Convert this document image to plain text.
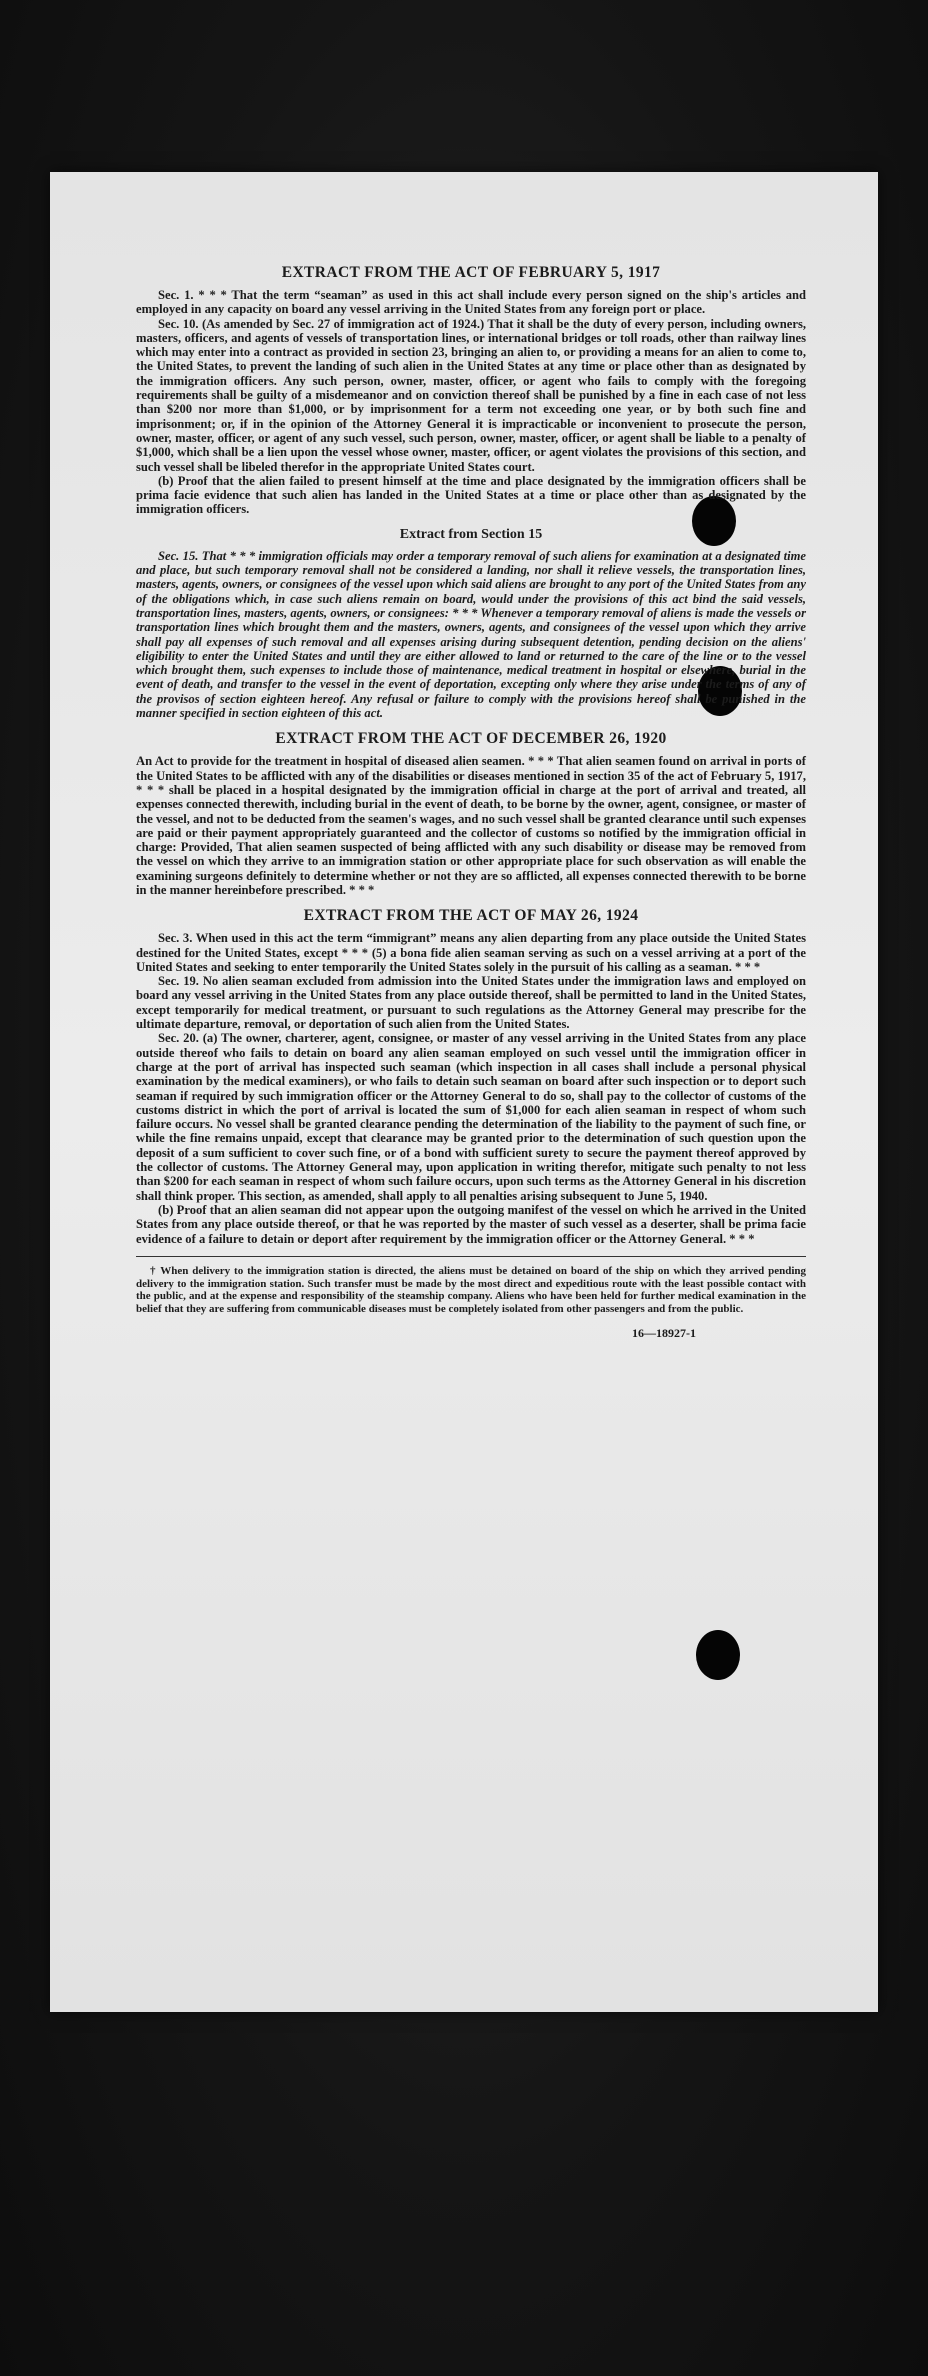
EXTRACT FROM THE ACT OF FEBRUARY 5, 1917

Sec. 1. * * * That the term “seaman” as used in this act shall include every person signed on the ship's articles and employed in any capacity on board any vessel arriving in the United States from any foreign port or place.

Sec. 10. (As amended by Sec. 27 of immigration act of 1924.) That it shall be the duty of every person, including owners, masters, officers, and agents of vessels of transportation lines, or international bridges or toll roads, other than railway lines which may enter into a contract as provided in section 23, bringing an alien to, or providing a means for an alien to come to, the United States, to prevent the landing of such alien in the United States at any time or place other than as designated by the immigration officers. Any such person, owner, master, officer, or agent who fails to comply with the foregoing requirements shall be guilty of a misdemeanor and on conviction thereof shall be punished by a fine in each case of not less than $200 nor more than $1,000, or by imprisonment for a term not exceeding one year, or by both such fine and imprisonment; or, if in the opinion of the Attorney General it is impracticable or inconvenient to prosecute the person, owner, master, officer, or agent of any such vessel, such person, owner, master, officer, or agent shall be liable to a penalty of $1,000, which shall be a lien upon the vessel whose owner, master, officer, or agent violates the provisions of this section, and such vessel shall be libeled therefor in the appropriate United States court.

(b) Proof that the alien failed to present himself at the time and place designated by the immigration officers shall be prima facie evidence that such alien has landed in the United States at a time or place other than as designated by the immigration officers.

Extract from Section 15

Sec. 15. That * * * immigration officials may order a temporary removal of such aliens for examination at a designated time and place, but such temporary removal shall not be considered a landing, nor shall it relieve vessels, the transportation lines, masters, agents, owners, or consignees of the vessel upon which said aliens are brought to any port of the United States from any of the obligations which, in case such aliens remain on board, would under the provisions of this act bind the said vessels, transportation lines, masters, agents, owners, or consignees: * * * Whenever a temporary removal of aliens is made the vessels or transportation lines which brought them and the masters, owners, agents, and consignees of the vessel upon which they arrive shall pay all expenses of such removal and all expenses arising during subsequent detention, pending decision on the aliens' eligibility to enter the United States and until they are either allowed to land or returned to the care of the line or to the vessel which brought them, such expenses to include those of maintenance, medical treatment in hospital or elsewhere, burial in the event of death, and transfer to the vessel in the event of deportation, excepting only where they arise under the terms of any of the provisos of section eighteen hereof. Any refusal or failure to comply with the provisions hereof shall be punished in the manner specified in section eighteen of this act.

EXTRACT FROM THE ACT OF DECEMBER 26, 1920

An Act to provide for the treatment in hospital of diseased alien seamen. * * * That alien seamen found on arrival in ports of the United States to be afflicted with any of the disabilities or diseases mentioned in section 35 of the act of February 5, 1917, * * * shall be placed in a hospital designated by the immigration official in charge at the port of arrival and treated, all expenses connected therewith, including burial in the event of death, to be borne by the owner, agent, consignee, or master of the vessel, and not to be deducted from the seamen's wages, and no such vessel shall be granted clearance until such expenses are paid or their payment appropriately guaranteed and the collector of customs so notified by the immigration official in charge: Provided, That alien seamen suspected of being afflicted with any such disability or disease may be removed from the vessel on which they arrive to an immigration station or other appropriate place for such observation as will enable the examining surgeons definitely to determine whether or not they are so afflicted, all expenses connected therewith to be borne in the manner hereinbefore prescribed. * * *

EXTRACT FROM THE ACT OF MAY 26, 1924

Sec. 3. When used in this act the term “immigrant” means any alien departing from any place outside the United States destined for the United States, except * * * (5) a bona fide alien seaman serving as such on a vessel arriving at a port of the United States and seeking to enter temporarily the United States solely in the pursuit of his calling as a seaman. * * *

Sec. 19. No alien seaman excluded from admission into the United States under the immigration laws and employed on board any vessel arriving in the United States from any place outside thereof, shall be permitted to land in the United States, except temporarily for medical treatment, or pursuant to such regulations as the Attorney General may prescribe for the ultimate departure, removal, or deportation of such alien from the United States.

Sec. 20. (a) The owner, charterer, agent, consignee, or master of any vessel arriving in the United States from any place outside thereof who fails to detain on board any alien seaman employed on such vessel until the immigration officer in charge at the port of arrival has inspected such seaman (which inspection in all cases shall include a personal physical examination by the medical examiners), or who fails to detain such seaman on board after such inspection or to deport such seaman if required by such immigration officer or the Attorney General to do so, shall pay to the collector of customs of the customs district in which the port of arrival is located the sum of $1,000 for each alien seaman in respect of whom such failure occurs. No vessel shall be granted clearance pending the determination of the liability to the payment of such fine, or while the fine remains unpaid, except that clearance may be granted prior to the determination of such question upon the deposit of a sum sufficient to cover such fine, or of a bond with sufficient surety to secure the payment thereof approved by the collector of customs. The Attorney General may, upon application in writing therefor, mitigate such penalty to not less than $200 for each seaman in respect of whom such failure occurs, upon such terms as the Attorney General in his discretion shall think proper. This section, as amended, shall apply to all penalties arising subsequent to June 5, 1940.

(b) Proof that an alien seaman did not appear upon the outgoing manifest of the vessel on which he arrived in the United States from any place outside thereof, or that he was reported by the master of such vessel as a deserter, shall be prima facie evidence of a failure to detain or deport after requirement by the immigration officer or the Attorney General. * * *

† When delivery to the immigration station is directed, the aliens must be detained on board of the ship on which they arrived pending delivery to the immigration station. Such transfer must be made by the most direct and expeditious route with the least possible contact with the public, and at the expense and responsibility of the steamship company. Aliens who have been held for further medical examination in the belief that they are suffering from communicable diseases must be completely isolated from other passengers and from the public.

16—18927-1
